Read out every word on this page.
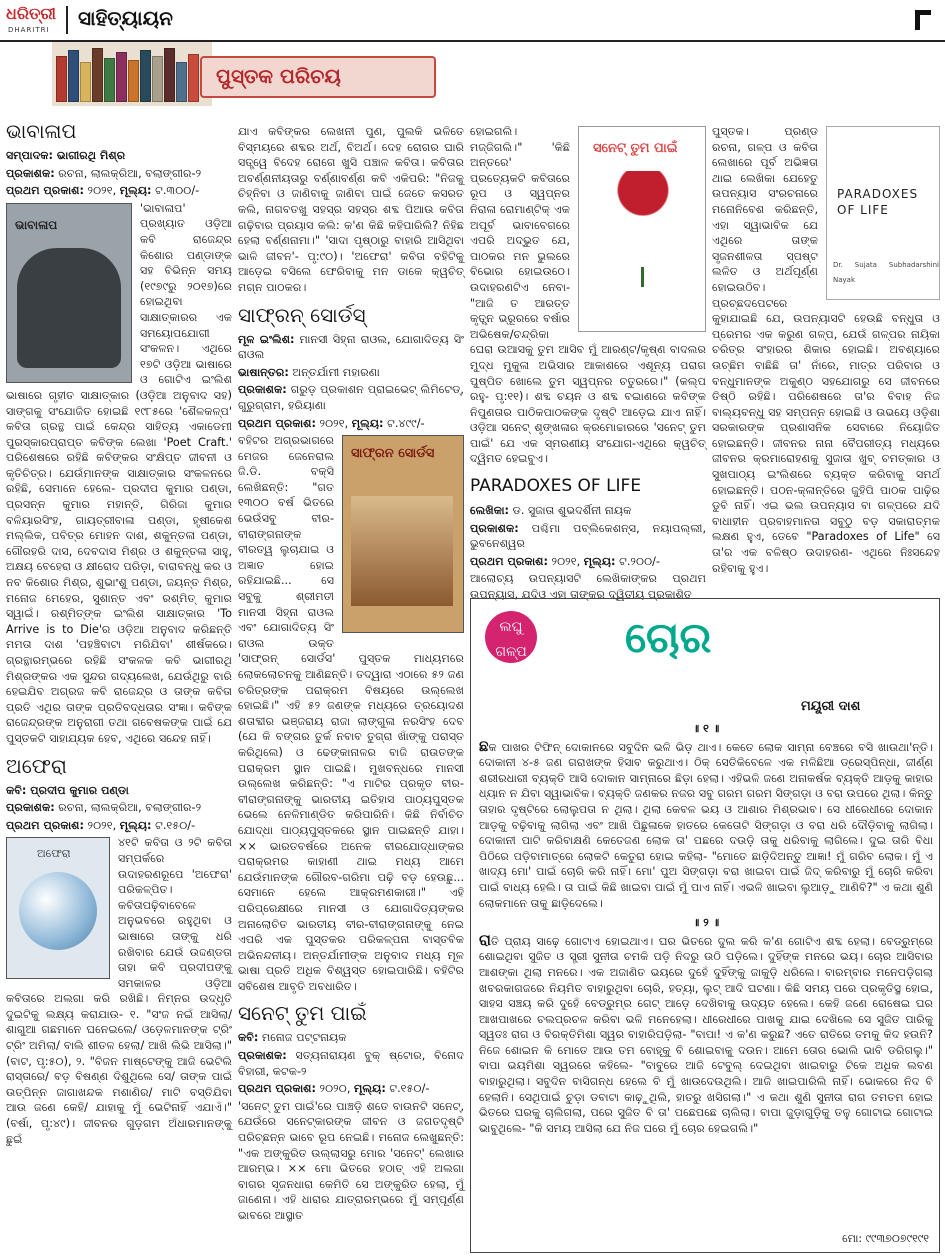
ଧରିତ୍ରୀ
DHARITRI ସାହିତ୍ୟାୟନ
ପୁସ୍ତକ ପରିଚୟ
ଭାବାଳାପ

ସମ୍ପାଦକ: ଭାଗୀରଥି ମିଶ୍ର

ପ୍ରକାଶକ: ରଚନା, ଲାଲକ୍ରିଆ, ବଲାଙ୍ଗୀର-୨

ପ୍ରଥମ ପ୍ରକାଶ: ୨୦୨୧, ମୂଲ୍ୟ: ଟ.୩୦୦/-

ଭାବାଳାପ

'ଭାବାଳାପ' ପ୍ରଖ୍ୟାତ ଓଡ଼ିଆ କବି ରାଜେନ୍ଦ୍ର କିଶୋର ପଣ୍ଡାଙ୍କ ସହ ବିଭିନ୍ନ ସମୟ (୧୯୭୯ରୁ ୨୦୧୭)ରେ ହୋଇଥିବା ସାକ୍ଷାତ୍କାରର ଏକ ସମୟୋପଯୋଗୀ ସଂକଳନ। ଏଥିରେ ୧୭ଟି ଓଡ଼ିଆ ଭାଷାରେ ଓ ଗୋଟିଏ ଇଂଲିଶ ଭାଷାରେ ଗୃହୀତ ସାକ୍ଷାତ୍କାର (ଓଡ଼ିଆ ଅନୁବାଦ ସହ) ସାଙ୍ଗକୁ ସଂଯୋଜିତ ହୋଇଛି ୧୯୮୫ରେ 'ଶୈଳକଳ୍ପ' କବିତା ଗ୍ରନ୍ଥ ପାଇଁ କେନ୍ଦ୍ର ସାହିତ୍ୟ ଏକାଡେମୀ ପୁରସ୍କାରପ୍ରାପ୍ତ କବିଙ୍କ ଲେଖା 'Poet Craft.' ପରିଶେଷରେ ରହିଛି କବିଙ୍କର ସଂକ୍ଷିପ୍ତ ଜୀବନୀ ଓ କୃତିଚିତ୍ର। ଯେଉଁମାନଙ୍କ ସାକ୍ଷାତ୍କାର ସଂକଳନରେ ରହିଛି, ସେମାନେ ହେଲେ- ପ୍ରଦୀପ କୁମାର ପଣ୍ଡା, ପ୍ରସନ୍ନ କୁମାର ମହାନ୍ତି, ଗିରିଜା କୁମାର ବଳିୟାରସିଂହ, ଗାୟତ୍ରୀବାଳା ପଣ୍ଡା, ହୃଷୀକେଶ ମଲ୍ଲିକ, ପବିତ୍ର ମୋହନ ଦାଶ, ଶକୁନ୍ତଳା ପଣ୍ଡା, ଗୌରହରି ଦାସ, ଦେବଦାସ ମିଶ୍ର ଓ ଶକୁନ୍ତଳା ସାହୁ, ଅକ୍ଷୟ ବେହେରା ଓ କ୍ଷୀରୋଦ ପରିଡ଼ା, ବାରାବନ୍ଧୁ କର ଓ ନବ କିଶୋର ମିଶ୍ର, ଶୁଭାଂଶୁ ପଣ୍ଡା, ଜୟନ୍ତ ମିଶ୍ର, ମନୋଜ ମେହେର, ସୁଶାନ୍ତ ଏବଂ ରଶ୍ମିତ୍ କୁମାର ସ୍ୱାଇଁ। ରଶ୍ମିତ୍ଙ୍କ ଇଂଲିଶ ସାକ୍ଷାତ୍କାର 'To Arrive is to Die'ର ଓଡ଼ିଆ ଅନୁବାଦ କରିଛନ୍ତି ମମତା ଦାଶ 'ପହଞ୍ଚିବାଟା ମରିଯିବା' ଶୀର୍ଷକରେ। ଗ୍ରନ୍ଥାରମ୍ଭରେ ରହିଛି ସଂକଳକ କବି ଭାଗୀରଥି ମିଶ୍ରଙ୍କର ଏକ ସୁନ୍ଦର ଗଦ୍ୟଲେଖ, ଯେଉଁଥିରୁ ବାରି ହେଇଯିବ ଅଗ୍ରଜ କବି ରାଜେନ୍ଦ୍ର ଓ ତାଙ୍କ କବିତା ପ୍ରତି ଏଥିର ତାଙ୍କ ପ୍ରତିବଦ୍ଧତାର ସଂଜ୍ଞା। କବିଙ୍କ ରାଜେନ୍ଦ୍ରଙ୍କ ଅନୁରାଗୀ ତଥା ଗବେଷକଙ୍କ ପାଇଁ ଯେ ପୁସ୍ତକଟି ସାହାଯ୍ୟକ ହେବ, ଏଥିରେ ସନ୍ଦେହ ନାହିଁ।

ଅଫେରା

କବି: ପ୍ରଦୀପ କୁମାର ପଣ୍ଡା

ପ୍ରକାଶକ: ରଚନା, ଲାଲକ୍ରିଆ, ବଲାଙ୍ଗୀର-୨

ପ୍ରଥମ ପ୍ରକାଶ: ୨୦୨୧, ମୂଲ୍ୟ: ଟ.୧୫୦/-

ଅଫେରା

୪୧ଟି କବିତା ଓ ୨ଟି କବିତା ସମ୍ପର୍କରେ ଉଦାହରଣରୂପେ 'ଅଫେରା' ପରିକଳ୍ପିତ। କବିତାପଢ଼ିବାବେଳେ ଅନୁଭବରେ ରହୁଥିବା ଓ ଭାଷାରେ ତାଙ୍କୁ ଧରି ରଖିବାର ଯେଉଁ ଉଦ୍ଦଣ୍ଡତା ତାହା କବି ପ୍ରଦୀପଙ୍କୁ ସମକାଳର ଓଡ଼ିଆ କବିତାରେ ଅଲଗା କରି ରଖିଛି। ନିମ୍ନର ଉଦ୍ଧୃତି ଦୁଇଟିକୁ ଲକ୍ଷ୍ୟ କରାଯାଉ- ୧. "ସଂଜ ନଇଁ ଆସିଲା/ ଶାଗୁଆ ଗଛମାନେ ଘନେଇଲେ/ ଓଡ଼େଳମାନଙ୍କ ଟ୍ରିଂ ଟ୍ରିଂ ଅମିଲା/ ବାଲି ଶୀତଳ ହେଲା/ ଆଖି ଲିଭି ଆସିଲା।" (ବାଟ, ପୃ:୫୦), ୨. "ବିଜନ ମାଷ୍ଟେଙ୍କୁ ଆଜି ଭେଟିଲି ରାସ୍ତାରେ/ ବଡ଼ ବିଷଣ୍ଣ ଦିଶୁଥିଲେ ସେ/ ତାଙ୍କ ପାଇଁ ଉତ୍ପିନ୍ନ ଜାଗାଖନ୍ଦକ ମଶାଣିର/ ମାଟି ବସ୍ତିଯିବା ଆଉ ଜଣେ କେହି/ ଯାହାକୁ ମୁଁ ଭେଟିନାହିଁ ଏଯାଏଁ।" (ବର୍ଷା, ପୃ:୪୯)। ଜୀବନର ଗୁଡ଼ଗମ ଅଁଧାରମାନଙ୍କୁ ଛୁଇଁ

ଯାଏ କବିଙ୍କର ଲେଖନୀ ପୁଣ, ପୁଲକି ଭଳିତେ ବିସ୍ମୟରେ ଶବ୍ଦର ଅର୍ଥ, ବିଅର୍ଥ। ଦେହ ରୋଗର ଘାରି ସତ୍ତ୍ୱେ ବିଦେହ ରୋଗେ ଖୁସି ପଞ୍ଚାଳ କବିତା। କବିତାର ଅବର୍ଣ୍ଣନୀୟତାରୁ ବର୍ଣ୍ଣାବର୍ଣ୍ଣ କବି ଏକିପରି: "ନିଜକୁ ଚିହ୍ନିବା ଓ ଜାଣିବାକୁ ଜାଣିବା ପାଇଁ ଜେତେ କସରତ କଲି, ନାଗବତଖୁ ସହସ୍ର ସହସ୍ର ଶବ୍ଦ ପିଆଉ କବିତା ଗଢ଼ିବାର ପ୍ରୟାସ କଲି: କ'ଣ କିଛି କହିପାରିଲି? ନିହିଛ ହେଲା ବର୍ଣ୍ଣନାମା।" 'ସାଦା ପୃଷ୍ଠାରୁ ବାହାରି ଆସିଥିବା ଭାଳି ଜୀବନ'- ପୃ:୯୦)। 'ଅଫେରା' କବିତା ବହିଟିକୁ ଆଡ଼େଇ ବସିଲେ ଫେରିବାକୁ ମନ ଡାକେ କ୍ୱଚିତ୍ ମଗ୍ନ ପାଠକର।

ସାଫ୍ରନ୍ ସୋର୍ଡସ୍

ମୂଳ ଇଂଲିଶ: ମାନସୀ ସିହ୍ନା ରାଓଲ, ଯୋଗାଦିତ୍ୟ ସିଂ ରାଓଲ

ଭାଷାନ୍ତର: ଅନ୍ତର୍ଯାମୀ ମହାରଣା

ପ୍ରକାଶକ: ଗରୁଡ଼ ପ୍ରକାଶନ ପ୍ରାଇଭେଟ୍ ଲିମିଟେଡ୍, ଗୁରୁଗ୍ରାମ, ହରିୟାଣା

ପ୍ରଥମ ପ୍ରକାଶ: ୨୦୨୧, ମୂଲ୍ୟ: ଟ.୪୯୯/-

ସାଫ୍ରନ ସୋର୍ଡସ

ବହିଟର ଅଗ୍ରଭାଗରେ ମେଜର ଜେନେରାଲ ଜି.ଡି. ବକ୍ସି ଲେଖିଛନ୍ତି: "ଗତ ୧୩୦୦ ବର୍ଷ ଭିତରେ ଭେଉଁସବୁ ବୀର-ବୀରାଙ୍ଗନାଙ୍କ ବୀରତ୍ୱ ଲୁଚାଯାଇ ଓ ଅଜ୍ଞାତ ହୋଇ ରହିଯାଇଛି... ସେ ସବୁକୁ ଶ୍ରୀମତୀ ମାନସୀ ସିହ୍ନା ରାଓଲ ଏବଂ ଯୋଗାଦିତ୍ୟ ସିଂ ରାଓଲ ଉକ୍ତ 'ସାଫ୍ରନ୍ ସୋର୍ଡସ' ପୁସ୍ତକ ମାଧ୍ୟମରେ ଲୋକଲୋଚନକୁ ଆଣିଛନ୍ତି। ତଦ୍ୱାରା ଏଠାରେ ୫୨ ଜଣ ଚରିତ୍ରଙ୍କ ପରାକ୍ରମ ବିଷୟରେ ଉଲ୍ଲେଖ ହୋଇଛି।" ଏହି ୫୨ ଜଣଙ୍କ ମଧ୍ୟରେ ତ୍ରୟୋଦଶ ଶତାବ୍ଦୀର ଭଞ୍ଜରାୟ ରାଜା ଲାଙ୍ଗୁଳା ନରସିଂହ ଦେବ (ଯେ କି ବଙ୍ଗର ତୁର୍କ ନବାବ ତୁଗ୍ରା ଖାଁଙ୍କୁ ପରାସ୍ତ କରିଥିଲେ) ଓ ଢେଙ୍କାନାଳର ବାଜି ରାଉତଙ୍କ ପରାକ୍ରମ ସ୍ଥାନ ପାଇଛି। ମୁଖବନ୍ଧରେ ମାନସୀ ଉଲ୍ଲେଖ କରିଛନ୍ତି: "ଏ ମାଟିର ପ୍ରକୃତ ବୀର-ବୀରାଙ୍ଗନାଙ୍କୁ ଭାରତୀୟ ଇତିହାସ ପାଠ୍ୟପୁସ୍ତକ ଭେଲେ ନେଳିମାଣ୍ଡିତ କରିପାରିନି। କିଛି ନିର୍ବାଚିତ ଯୋଦ୍ଧା ପାଠ୍ୟପୁସ୍ତକରେ ସ୍ଥାନ ପାଇଛନ୍ତି ଯାହା। ×× ଭାରତବର୍ଷରେ ଅନେକ ବୀରଯୋଦ୍ଧାଙ୍କର ପରାକ୍ରମର କାହାଣୀ ଥାଇ ମଧ୍ୟ ଆମେ ଯେଉଁମାନଙ୍କ ଗୌରବ-ଗରିମା ପଢ଼ି ବଡ଼ ହେଉଛୁ... ସେମାନେ ହେଲେ ଆକ୍ରମଣକାରୀ।" ଏହି ପରିପ୍ରେକ୍ଷୀରେ ମାନସୀ ଓ ଯୋଗାଦିତ୍ୟଙ୍କର ଅନାଲୋଚିତ ଭାରତୀୟ ବୀର-ବୀରାଙ୍ଗନାଙ୍କୁ ନେଇ ଏପରି ଏକ ପୁସ୍ତକର ପରିକଳ୍ପନା ବାସ୍ତବିକ ଅଭିନନ୍ଦନୀୟ। ଅନ୍ତର୍ଯାମୀଙ୍କ ଅନୁବାଦ ମଧ୍ୟ ମୂଳ ଭାଷା ପ୍ରତି ଅଧିକ ବିଶ୍ୱସ୍ତ ହୋଇପାରିଛି। ବହିଟିର ସବିଶେଷ ଆବୃତି ଅବଧାରିତ।

ସନେଟ୍ ତୁମ ପାଇଁ

କବି: ମନୋଜ ପଟ୍ଟନାୟକ

ପ୍ରକାଶକ: ସତ୍ୟନାରାୟଣ ବୁକ୍ ଷ୍ଟୋର, ବିନୋଦ ବିହାରୀ, କଟକ-୨

ପ୍ରଥମ ପ୍ରକାଶ: ୨୦୨୦, ମୂଲ୍ୟ: ଟ.୧୫୦/-

'ସନେଟ୍ ତୁମ ପାଇଁ'ରେ ପାଞ୍ଚଡ଼ି ଶତେ ବାଉନଟି ସନେଟ୍, ଯେଉଁରେ ସନେଟ୍କାରଙ୍କ ଜୀବନ ଓ ଜଗତଦୃଷ୍ଟି ପରିଚ୍ଛନ୍ନ ଭାବେ ରୂପ ନେଇଛି। ମନୋଜ ଲେଖୁଛନ୍ତି: "ଏକ ଅଙ୍କୁରିତ ଉଲ୍ଲାସରୁ ମୋର 'ସନେଟ୍' ଲେଖାର ଆରମ୍ଭ। ×× ମୋ ଭିତରେ ହଠାତ୍ ଏହି ଅଲଗା ବାଗର ସୃଜନଧାରା କେମିତି ସେ ଅଙ୍କୁରିତ ହେଲା, ମୁଁ ଜାଣେନା। ଏହି ଧାରାର ଯାତ୍ରାରମ୍ଭରେ ମୁଁ ସମ୍ପୂର୍ଣ୍ଣ ଭାବରେ ଆସ୍ଥାତ

ସନେଟ୍ ତୁମ ପାଇଁ

ହୋଇଗଲି। ମଜ୍ଜିଗଲି।" 'କିଛି ଅନ୍ତରେ' ପ୍ରତ୍ୟେକଟି କବିତାରେ ରୂପ ଓ ସ୍ୱପ୍ନର ନିରାଳା ରୋମାଣ୍ଟିକ୍ ଏକ ଅପୂର୍ବ ଭାବାବେଗରେ ଏପରି ଅଦ୍ଭୁତ ଯେ, ପାଠକର ମନ ଭୁଲରେ ବିଭୋର ହୋଇଉଠେ। ଉଦାହରଣଟିଏ ନେବା- "ଆଜି ତ ଆରତ୍ତ କୃତ୍ସ୍ନ ଭ୍ରୂରରେ ବର୍ଷାର ଅଭିଷେକ/ଚନ୍ଦ୍ରିକା ଘେରା ଉଆସକୁ ତୁମ ଆସିବ ମୁଁ ଆରଣ୍ଟ/କୃଷ୍ଣ ବାଦଲର ମୁଦ୍ଧ ମୁକୁଳା ଅଭିସାର ଆକାଶରେ ଏଶୂନ୍ୟ ପରାଗ ପୁଷ୍ପିତ ଖୋଲେ ତୁମ ସ୍ୱପ୍ନର ଚତୁରରେ।" (କଲ୍ପ ରହୁ- ପୃ:୧୧)। ଶବ୍ଦ ଚୟନ ଓ ଶବ୍ଦ ବଇାଣରେ କବିଙ୍କ ନିପୁଣତାର ପାଠିକପାଠକଙ୍କ ଦୃଷ୍ଟି ଆଡ଼େଇ ଯାଏ ନାହିଁ। ଓଡ଼ିଆ ସନେଟ୍ ଶୃଙ୍ଖଳାର କ୍ରମୋଚ୍ଚାରରେ 'ସନେଟ୍ ତୁମ ପାଇଁ' ଯେ ଏକ ସ୍ମରଣୀୟ ସଂଯୋଗ-ଏଥିରେ କ୍ୱଚିତ୍ ଦ୍ୱିମତ ହେଇବୁଏ।

PARADOXES OF LIFE

ଲେଖିକା: ଡ. ସୁଜାତା ଶୁଭଦର୍ଶିନୀ ନାୟକ

ପ୍ରକାଶକ: ପଶ୍ଚିମା ପବ୍ଲିକେଶନ୍ସ, ନୟାପଲ୍ଲୀ, ଭୁବନେଶ୍ୱର

ପ୍ରଥମ ପ୍ରକାଶ: ୨୦୨୧, ମୂଲ୍ୟ: ଟ.୨୦୦/-

ଆଲୋଚ୍ୟ ଉପନ୍ୟାସଟି ଲେଖିକାଙ୍କର ପ୍ରଥମ ଉପନ୍ୟାସ, ଯଦିଓ ଏହା ତାଙ୍କର ଦ୍ୱିତୀୟ ପ୍ରକାଶିତ

PARADOXES OF LIFE
Dr. Sujata Subhadarshini Nayak

ପୁସ୍ତକ। ପ୍ରଣ୍ଡ ରଚନା, ଗଳ୍ପ ଓ କବିତା ଲେଖାରେ ପୂର୍ବ ଅଭିଜ୍ଞତା ଥାଇ ଲେଖିକା ଯେହେତୁ ଉପନ୍ୟାସ ସଂରଚନାରେ ମନୋନିବେଶ କରିଛନ୍ତି, ଏହା ସ୍ୱାଭାବିକ ଯେ ଏଥିରେ ତାଙ୍କ ସୃଜନଶୀଳତା ସ୍ପଷ୍ଟ ଲଳିତ ଓ ଅର୍ଥପୂର୍ଣ୍ଣ ହୋଇଉଠିବ। ପ୍ରଚ୍ଛଦପେଟରେ କୁହାଯାଇଛି ଯେ, ଉପନ୍ୟାସଟି ହେଉଛି ବନ୍ଧୁତା ଓ ପ୍ରେମର ଏକ କରୁଣ ଗଳ୍ପ, ଯେଉଁ ଗଳ୍ପର ନାୟିକା ଚରିତ୍ର ସଂହାରର ଶିକାର ହୋଇଛି। ଅବଶ୍ୟାରେ ଉଚ୍ଛିମ ବାଛିଛି ତା' ନାଁରେ, ମାତ୍ର ପରିବାର ଓ ବନ୍ଧୁମାନଙ୍କ ଅକୁଣ୍ଠ ସହଯୋଗରୁ ସେ ଜୀବନରେ ତିଷ୍ଠି ରହିଛି। ପରିଶେଷରେ ତା'ର ବିବାହ ନିଜ ବାଲ୍ୟବନ୍ଧୁ ସହ ସମ୍ପନ୍ନ ହୋଇଛି ଓ ଉଭୟେ ଓଡ଼ିଶା ସରକାରଙ୍କ ପ୍ରଶାସନିକ ସେବାରେ ନିୟୋଜିତ ହୋଇଛନ୍ତି। ଜୀବନର ନାନା ବୈପରୀତ୍ୟ ମଧ୍ୟରେ ଜୀବନର କ୍ରମାରୋହଣକୁ ସୁଜାତା ଖୁବ୍ ଚମତ୍କାର ଓ ସୁଖପାଠ୍ୟ ଇଂଲିଶରେ ବ୍ୟକ୍ତ କରିବାକୁ ସମର୍ଥ ହୋଇଛନ୍ତି। ପଠନ-କ୍ଳାନ୍ତିରେ ଜୁହିପି ପାଠକ ପାଢ଼ିର ଡୁବି ନାହିଁ। ଏଇ ଭଲ ଉପନ୍ୟାସ ବା ଗଳ୍ପରେ ଯଦି ବାଧାହୀନ ପ୍ରବାହମାନତା ସବୁଠୁ ବଡ଼ ସକାରାତ୍ମକ ଲକ୍ଷଣ ହୁଏ, ତେବେ "Paradoxes of Life" ସେ ତା'ର ଏକ ବଳିଷ୍ଠ ଉଦାହରଣ- ଏଥିରେ ନିଃସନ୍ଦେହ ରହିବାକୁ ହୁଏ।

ଲଘୁ
ଗଳ୍ପ ଚୋର
ମୟୂରୀ ଦାଶ

॥ ୧ ॥

ଛକ ପାଖର ଟିଫିନ୍ ଦୋକାନରେ ସବୁଦିନ ଭଳି ଭିଡ଼ ଥାଏ। କେତେ ଲୋକ ସାମ୍ନା ବେଞ୍ଚରେ ବସି ଖାଉଥା'ନ୍ତି। ଦୋକାନୀ ୪-୫ ଜଣ ଗରାଖଙ୍କ ହିସାବ କରୁଥାଏ। ଠିକ୍ ସେତିକିବେଳେ ଏକ ମଳିଛିଆ ଡ୍ରେସ୍ପିନ୍ଧା, ଜୀର୍ଣ୍ଣ ଶରୀରଧାରୀ ବ୍ୟକ୍ତି ଆସି ଦୋକାନ ସାମ୍ନାରେ ଛିଡ଼ା ହେଲା। ଏହିଭଳି ଜଣେ ଅନାକର୍ଷକ ବ୍ୟକ୍ତି ଆଡ଼କୁ କାହାର ଧ୍ୟାନ ନ ଯିବା ସ୍ୱାଭାବିକ। ବ୍ୟକ୍ତି ଜଣକର ନଜର ସବୁ ଗରମ ଗରମ ସିଙ୍ଗଡ଼ା ଓ ବରା ଉପରେ ଥିଲା। କିନ୍ତୁ ତାହାର ଦୃଷ୍ଟିରେ ଲୋଲୁପତା ନ ଥିଲା। ଥିଲା କେବଳ ଭୟ ଓ ଆଶାର ମିଶ୍ରଭାବ। ସେ ଧୀରେଧୀରେ ଦୋକାନ ଆଡ଼କୁ ବଢ଼ିବାକୁ ଲାଗିଲା ଏବଂ ଆଖି ପିଛୁଳାକେ ହାତରେ କେତୋଟି ସିଙ୍ଗଡ଼ା ଓ ବରା ଧରି ଦୌଡ଼ିବାକୁ ଲାଗିଲା। ଦୋକାନୀ ପାଟି କରିବାକ୍ଷଣି କେତେଜଣ ଲୋକ ତା' ପଛରେ ଦଉଡ଼ି ତାକୁ ଧରିବାକୁ ଲାଗିଲେ। ଦୁଇ ତାରି ବିଧା ପିଠିରେ ପଡ଼ିବାମାତ୍ରେ ଲୋକଟି କେତୁରା ହୋଇ କହିଲା- "ମୋତେ ଛାଡ଼ିଦିଅନ୍ତୁ ଆଜ୍ଞା! ମୁଁ ଗରିବ ଲୋକ। ମୁଁ ଏ ଖାଦ୍ୟ ମୋ' ପାଇଁ ଚୋରି କରି ନାହିଁ। ମୋ' ପୁଅ ସିଙ୍ଗଡ଼ା ବରା ଖାଇବା ପାଇଁ ଜିଦ୍ କରିବାରୁ ମୁଁ ଚୋରି କରିବା ପାଇଁ ବାଧ୍ୟ ହେଲି। ତା ପାଇଁ କିଛି ଖାଇବା ପାଇଁ ମୁଁ ପାଏ ନାହିଁ। ଏଭଳି ଖାଇବା ଲୁଆଡ଼ୁ ଆଣିବି?" ଏ କଥା ଶୁଣି ଲୋକମାନେ ତାକୁ ଛାଡ଼ିଦେଲେ।

॥ ୨ ॥

ରାତି ପ୍ରାୟ ସାଢ଼େ ଗୋଟାଏ ହୋଇଥାଏ। ଘର ଭିତରେ ଦୁଲ କରି କ'ଣ ଗୋଟିଏ ଶବ୍ଦ ହେଲା। ବେଡ୍ରୁମ୍ରେ ଶୋଇଥିବା ସୁଜିତ ଓ ସ୍ତ୍ରୀ ସୁନୀତା ଚମକି ପଡ଼ି ନିଦରୁ ଉଠି ପଡ଼ିଲେ। ଦୁହିଁଙ୍କ ମନରେ ଭୟ। ଚୋର ଆସିବାର ଆଶଙ୍କା ଥିଲା ମନରେ। ଏକ ଅଜାଣିତ ଭୟରେ ଦୁହେଁ ଦୁହିଁଙ୍କୁ ଜାକୁଡ଼ି ଧରିଲେ। ବାରମ୍ବାର ମନେପଡ଼ିଗଲା ଖବରକାଗଜରେ ନିୟମିତ ବାହାରୁଥିବା ଚୋରି, ହତ୍ୟା, ଲୁଟ୍ ଆଦି ଘଟଣା। କିଛି ସମୟ ପରେ ପ୍ରକୃତିସ୍ଥ ହୋଇ, ସାହସ ସଞ୍ଚୟ କରି ଦୁହେଁ ବେଡ୍ରୁମ୍ର ଗେଟ୍ ଆଡ଼େ ଦେଖିବାକୁ ଉଦ୍ୟତ ହେଲେ। କେହି ଜଣେ ରୋଷେଇ ଘର ଆଖପାଖରେ ଚଲପ୍ରଚଳ କରିବା ଭଳି ମନେହେଲା। ଧୀରେଧୀରେ ପାଖକୁ ଯାଇ ଦେଖିଲେ ସେ ସୁଜିତ ପାରିକୁ ସ୍ୱତଃ ରାଗ ଓ ବିରକ୍ତିମିଶା ସ୍ୱର ବାହାରିପଡ଼ିଲା- "ବାପା! ଏ କ'ଣ କରୁଛ? ଏତେ ରାତିରେ ତମକୁ କିଦ ହଉନି? ନିଜେ ଶୋଇନ କି ମୋତେ ଆଉ ତମ ବୋହୂକୁ ବି ଶୋଇବାକୁ ଦଉନ। ଆମେ ତୋର ଭୋଲି ଭାବି ଡରିଗଲୁ।" ବାପା ଭୟମିଶା ସ୍ୱରରେ କହିଲେ- "ବାବୁରେ ଆଜି ଟେବୁଲ୍ ଦେଇଥିବା ଖାଇବାରୁ ଟିକେ ଅଧିକ ଲବଣ ବାହାରୁଥିଲା। ସବୁଦିନ ବାସିଗନ୍ଧ ହେଲେ ବି ମୁଁ ଖାଉଦେଉଥିଲି। ଆଜି ଖାଇପାରିଲି ନାହିଁ। ଭୋକରେ ନିଦ ବି ହେଲାନି। ସେଥିପାଇଁ ଚୁଡ଼ା ଡବାଟା କାଢ଼ୁଥିଲି, ହାତରୁ ଖସିଗଲା।" ଏ କଥା ଶୁଣି ସୁନୀତା ରାଗ ତମତମ ହୋଇ ଭିତରେ ଘରକୁ ଚାଲିଗଲା, ପରେ ସୁଜିତ ବି ତା' ପଛେପଛେ ଚାଲିଲା। ବାପା ଜୁଡ଼ାଗୁଡ଼ିକୁ ତଳୁ ଗୋଟାଇ ଗୋଟାଇ ଭାବୁଥିଲେ- "କି ସମୟ ଆସିଲା ଯେ ନିଜ ଘରେ ମୁଁ ଚୋର ହେଇଗଲି।"

ମୋ: ୯୯୩୭୦୭୯୧୯୧
